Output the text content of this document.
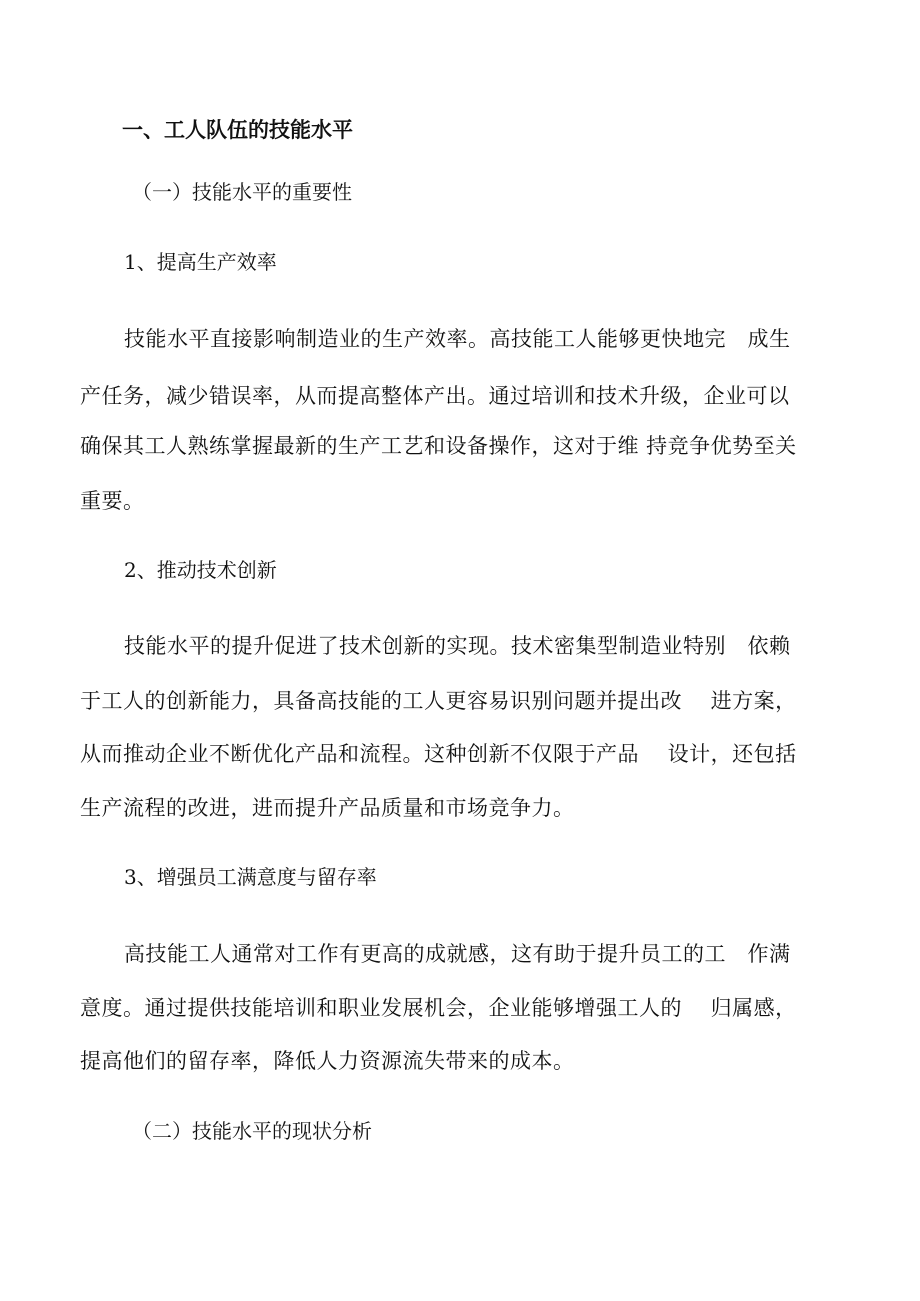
一、工人队伍的技能水平
（一）技能水平的重要性
1、提高生产效率
技能水平直接影响制造业的生产效率。高技能工人能够更快地完　成生
产任务，减少错误率，从而提高整体产出。通过培训和技术升级，企业可以
确保其工人熟练掌握最新的生产工艺和设备操作，这对于维 持竞争优势至关
重要。
2、推动技术创新
技能水平的提升促进了技术创新的实现。技术密集型制造业特别　依赖
于工人的创新能力，具备高技能的工人更容易识别问题并提出改　 进方案，
从而推动企业不断优化产品和流程。这种创新不仅限于产品　 设计，还包括
生产流程的改进，进而提升产品质量和市场竞争力。
3、增强员工满意度与留存率
高技能工人通常对工作有更高的成就感，这有助于提升员工的工　作满
意度。通过提供技能培训和职业发展机会，企业能够增强工人的　 归属感，
提高他们的留存率，降低人力资源流失带来的成本。
（二）技能水平的现状分析
